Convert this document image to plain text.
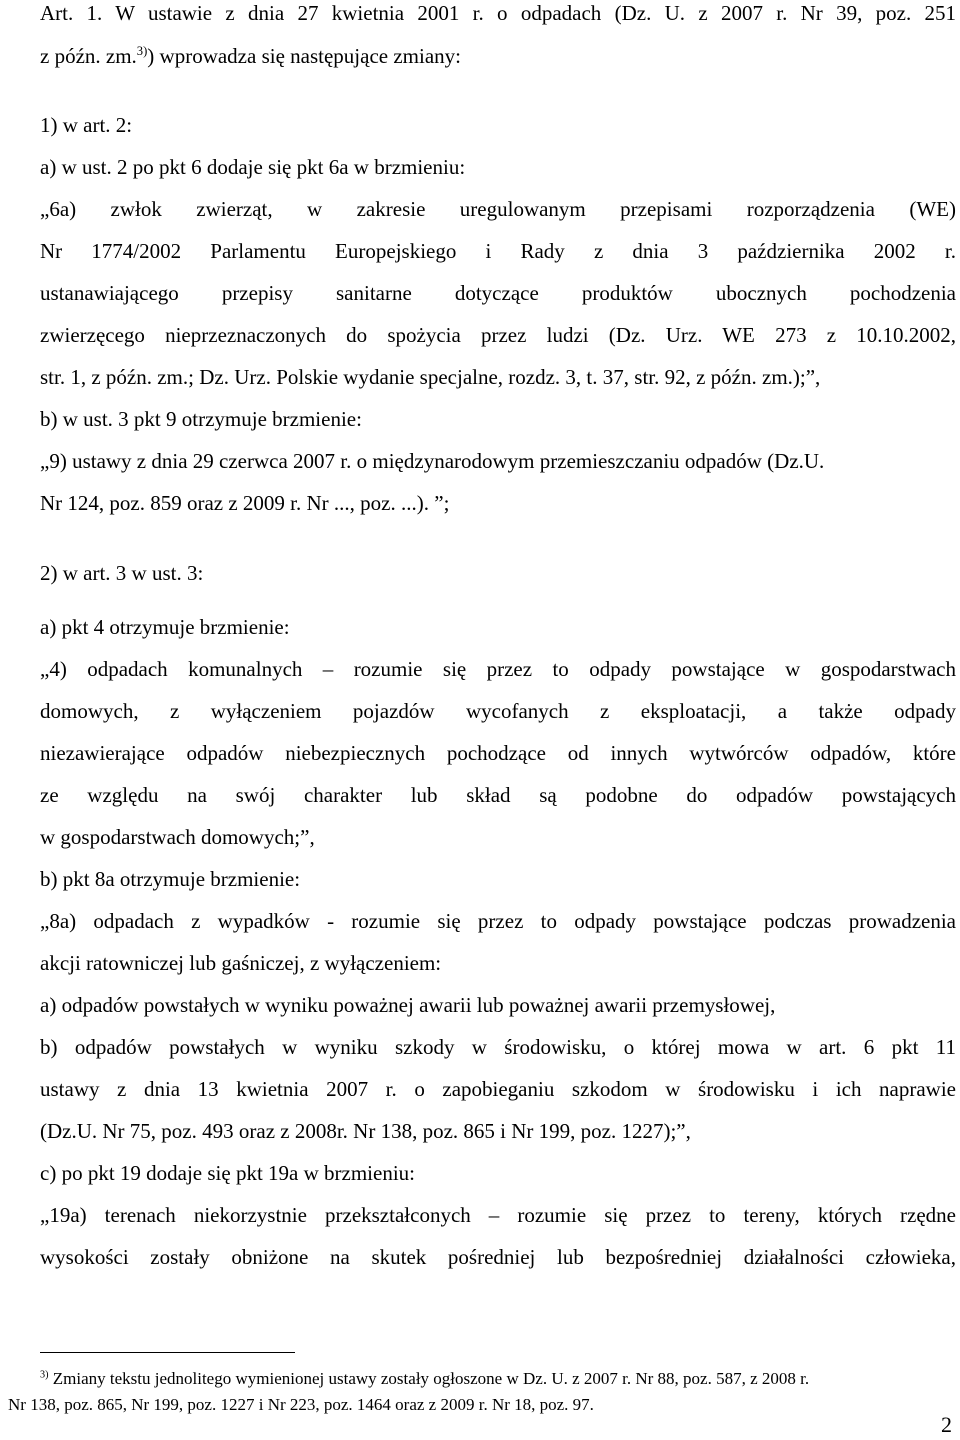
Art. 1. W ustawie z dnia 27 kwietnia 2001 r. o odpadach (Dz. U. z 2007 r. Nr 39, poz. 251
z późn. zm.$^{3)}$) wprowadza się następujące zmiany:
1) w art. 2:
a) w ust. 2 po pkt 6 dodaje się pkt 6a w brzmieniu:
„6a) zwłok zwierząt, w zakresie uregulowanym przepisami rozporządzenia (WE)
Nr 1774/2002 Parlamentu Europejskiego i Rady z dnia 3 października 2002 r.
ustanawiającego przepisy sanitarne dotyczące produktów ubocznych pochodzenia
zwierzęcego nieprzeznaczonych do spożycia przez ludzi (Dz. Urz. WE 273 z 10.10.2002,
str. 1, z późn. zm.; Dz. Urz. Polskie wydanie specjalne, rozdz. 3, t. 37, str. 92, z późn. zm.);”,
b) w ust. 3 pkt 9 otrzymuje brzmienie:
„9) ustawy z dnia 29 czerwca 2007 r. o międzynarodowym przemieszczaniu odpadów (Dz.U.
Nr 124, poz. 859 oraz z 2009 r. Nr ..., poz. ...). ”;
2) w art. 3 w ust. 3:
a) pkt 4 otrzymuje brzmienie:
„4) odpadach komunalnych – rozumie się przez to odpady powstające w gospodarstwach
domowych, z wyłączeniem pojazdów wycofanych z eksploatacji, a także odpady
niezawierające odpadów niebezpiecznych pochodzące od innych wytwórców odpadów, które
ze względu na swój charakter lub skład są podobne do odpadów powstających
w gospodarstwach domowych;”,
b) pkt 8a otrzymuje brzmienie:
„8a) odpadach z wypadków - rozumie się przez to odpady powstające podczas prowadzenia
akcji ratowniczej lub gaśniczej, z wyłączeniem:
a) odpadów powstałych w wyniku poważnej awarii lub poważnej awarii przemysłowej,
b) odpadów powstałych w wyniku szkody w środowisku, o której mowa w art. 6 pkt 11
ustawy z dnia 13 kwietnia 2007 r. o zapobieganiu szkodom w środowisku i ich naprawie
(Dz.U. Nr 75, poz. 493 oraz z 2008r. Nr 138, poz. 865 i Nr 199, poz. 1227);”,
c) po pkt 19 dodaje się pkt 19a w brzmieniu:
„19a) terenach niekorzystnie przekształconych – rozumie się przez to tereny, których rzędne
wysokości zostały obniżone na skutek pośredniej lub bezpośredniej działalności człowieka,
$^{3)}$ Zmiany tekstu jednolitego wymienionej ustawy zostały ogłoszone w Dz. U. z 2007 r. Nr 88, poz. 587, z 2008 r.
Nr 138, poz. 865, Nr 199, poz. 1227 i Nr 223, poz. 1464 oraz z 2009 r. Nr 18, poz. 97.
2
